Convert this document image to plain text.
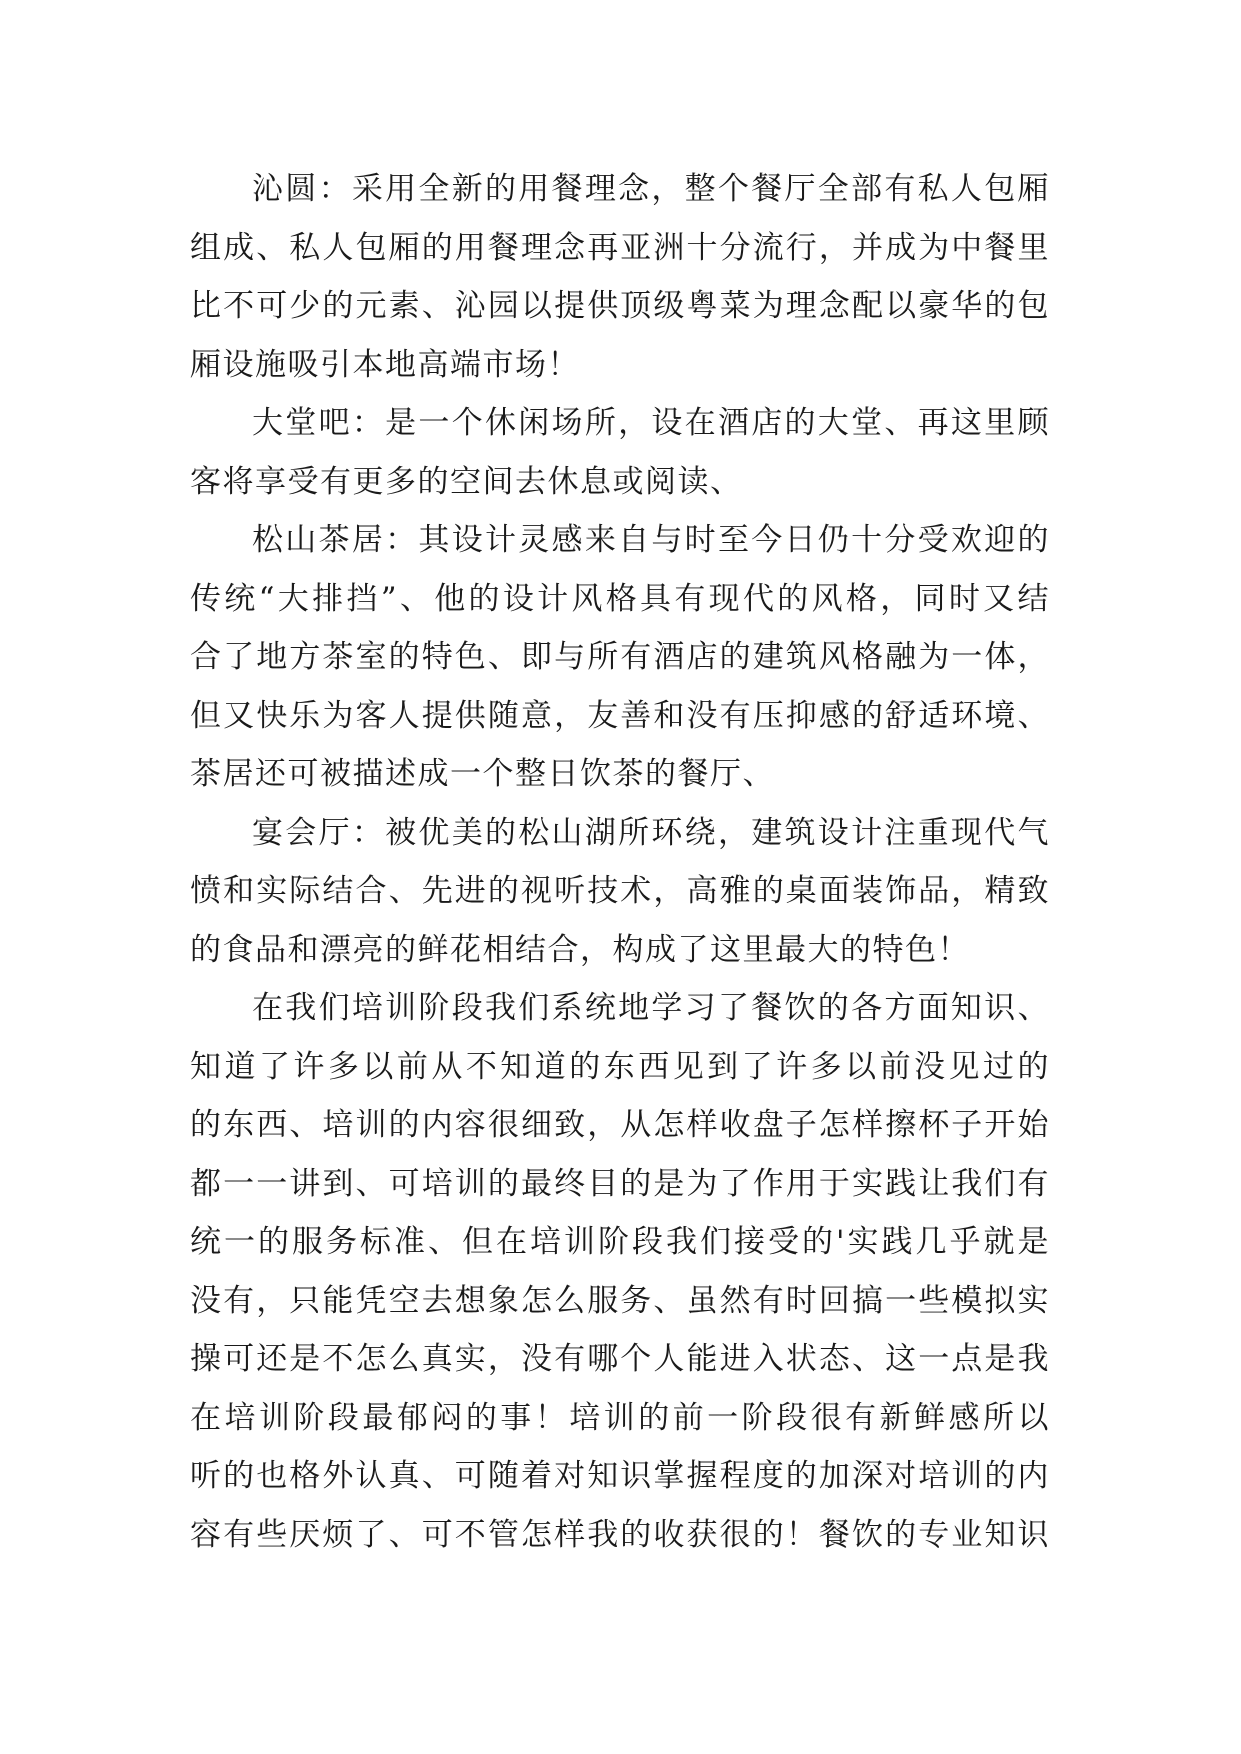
沁圆：采用全新的用餐理念，整个餐厅全部有私人包厢
组成、私人包厢的用餐理念再亚洲十分流行，并成为中餐里
比不可少的元素、沁园以提供顶级粤菜为理念配以豪华的包
厢设施吸引本地高端市场！
大堂吧：是一个休闲场所，设在酒店的大堂、再这里顾
客将享受有更多的空间去休息或阅读、
松山茶居：其设计灵感来自与时至今日仍十分受欢迎的
传统“大排挡”、他的设计风格具有现代的风格，同时又结
合了地方茶室的特色、即与所有酒店的建筑风格融为一体，
但又快乐为客人提供随意，友善和没有压抑感的舒适环境、
茶居还可被描述成一个整日饮茶的餐厅、
宴会厅：被优美的松山湖所环绕，建筑设计注重现代气
愤和实际结合、先进的视听技术，高雅的桌面装饰品，精致
的食品和漂亮的鲜花相结合，构成了这里最大的特色！
在我们培训阶段我们系统地学习了餐饮的各方面知识、
知道了许多以前从不知道的东西见到了许多以前没见过的
的东西、培训的内容很细致，从怎样收盘子怎样擦杯子开始
都一一讲到、可培训的最终目的是为了作用于实践让我们有
统一的服务标准、但在培训阶段我们接受的'实践几乎就是
没有，只能凭空去想象怎么服务、虽然有时回搞一些模拟实
操可还是不怎么真实，没有哪个人能进入状态、这一点是我
在培训阶段最郁闷的事！培训的前一阶段很有新鲜感所以
听的也格外认真、可随着对知识掌握程度的加深对培训的内
容有些厌烦了、可不管怎样我的收获很的！餐饮的专业知识
